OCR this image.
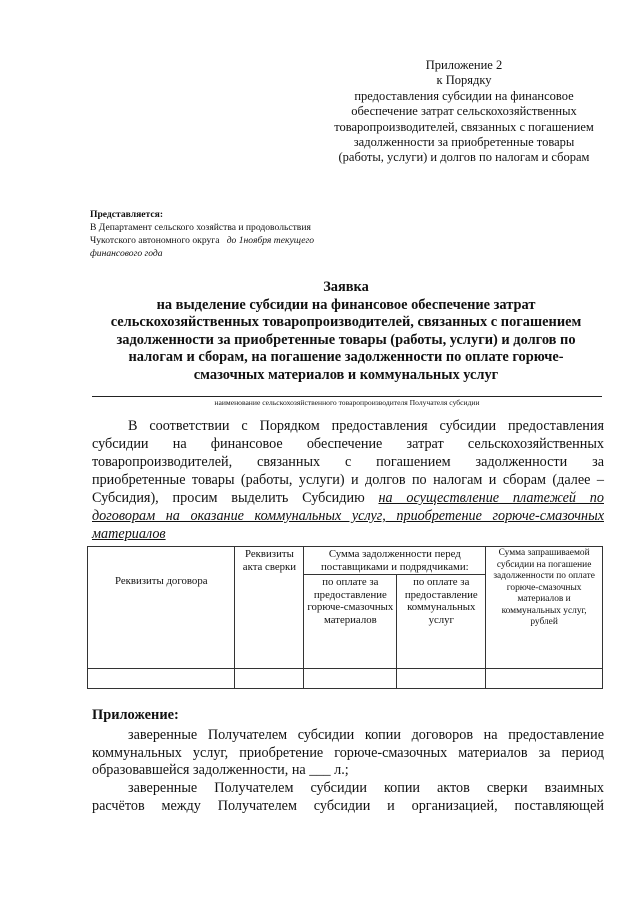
Приложение 2
к Порядку
предоставления субсидии на финансовое
обеспечение затрат сельскохозяйственных
товаропроизводителей, связанных с погашением
задолженности за приобретенные товары
(работы, услуги) и долгов по налогам и сборам
Представляется:
В Департамент сельского хозяйства и продовольствия
Чукотского автономного округа до 1ноября текущего
финансового года
Заявка
на выделение субсидии на финансовое обеспечение затрат
сельскохозяйственных товаропроизводителей, связанных с погашением
задолженности за приобретенные товары (работы, услуги) и долгов по
налогам и сборам, на погашение задолженности по оплате горюче-
смазочных материалов и коммунальных услуг
наименование сельскохозяйственного товаропроизводителя Получателя субсидии
В соответствии с Порядком предоставления субсидии предоставления
субсидии на финансовое обеспечение затрат сельскохозяйственных
товаропроизводителей, связанных с погашением задолженности за
приобретенные товары (работы, услуги) и долгов по налогам и сборам (далее –
Субсидия), просим выделить Субсидию на осуществление платежей по
договорам на оказание коммунальных услуг, приобретение горюче-смазочных
материалов
Реквизиты договора	Реквизиты акта сверки	Сумма задолженности перед поставщиками и подрядчиками:		Сумма запрашиваемой субсидии на погашение задолженности по оплате горюче-смазочных материалов и коммунальных услуг, рублей
		по оплате за предоставление горюче-смазочных материалов	по оплате за предоставление коммунальных услуг	

Приложение:
заверенные Получателем субсидии копии договоров на предоставление
коммунальных услуг, приобретение горюче-смазочных материалов за период
образовавшейся задолженности, на ___ л.;
заверенные Получателем субсидии копии актов сверки взаимных
расчётов между Получателем субсидии и организацией, поставляющей
